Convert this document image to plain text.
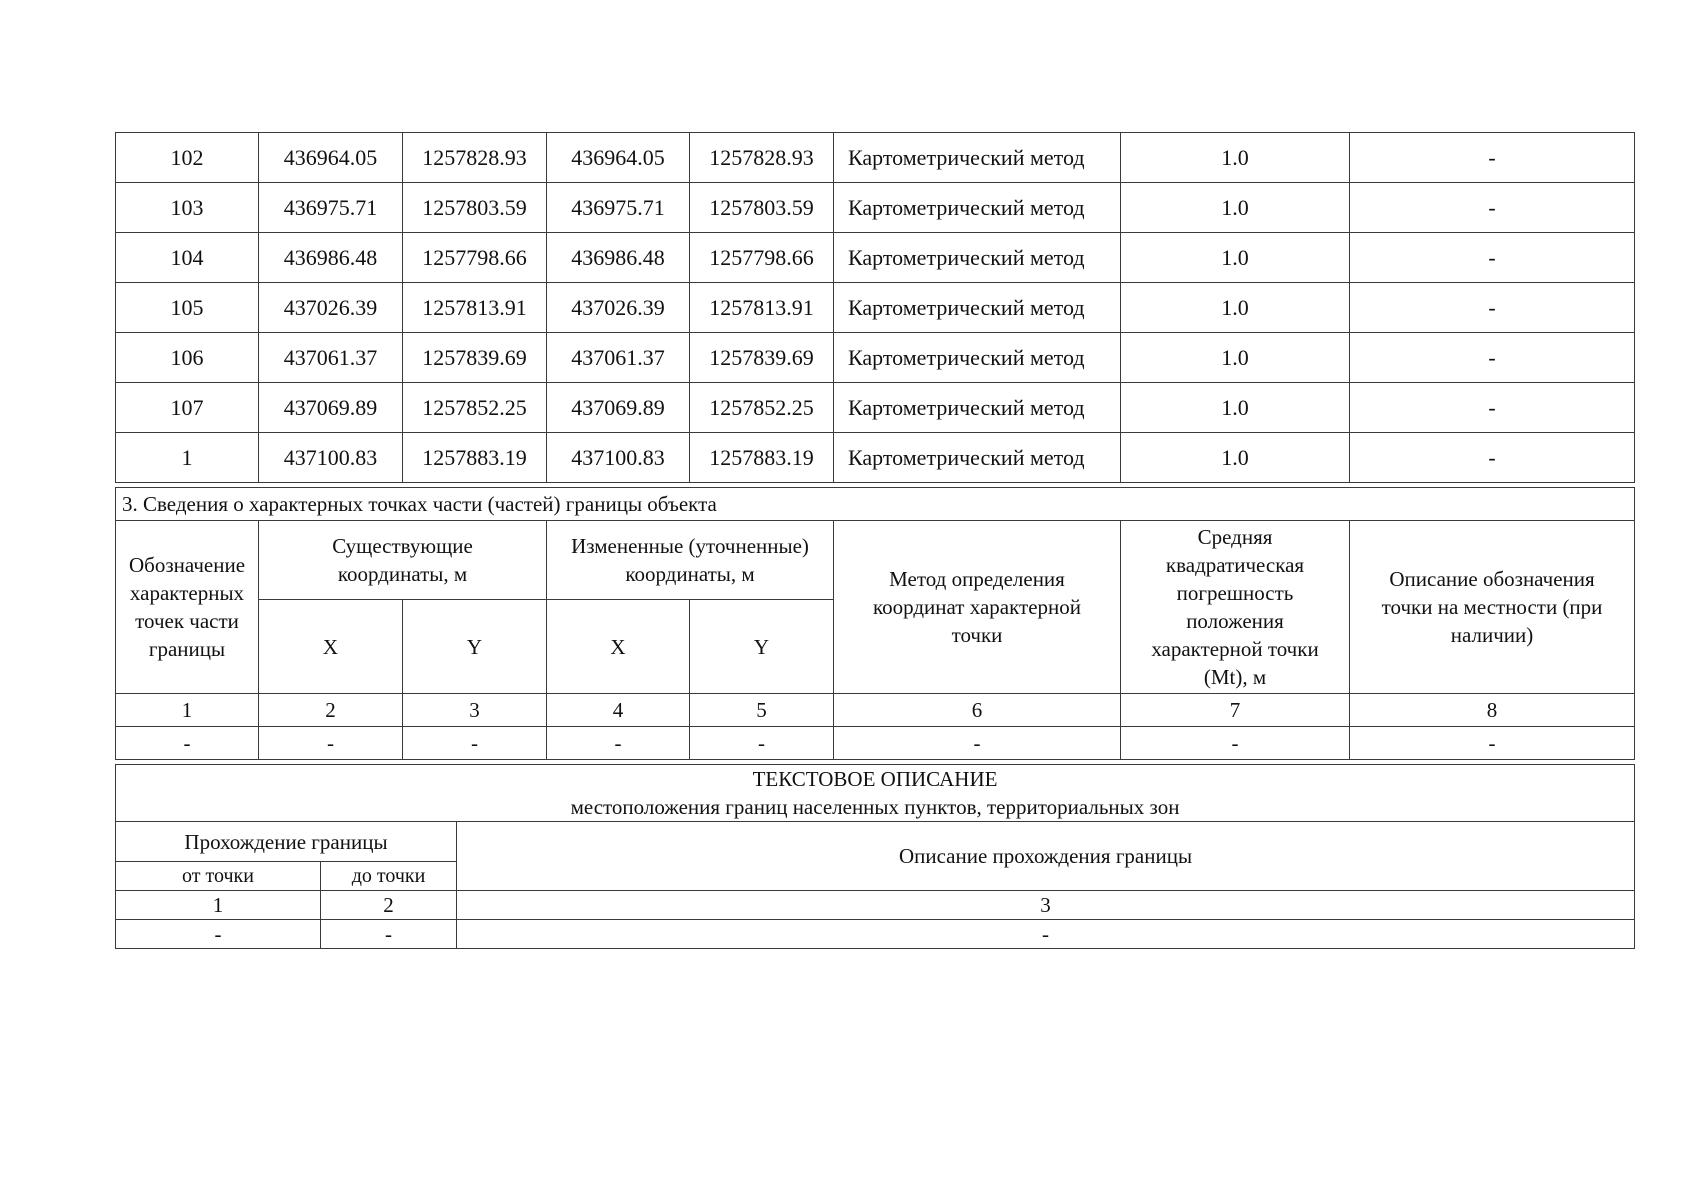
102	436964.05	1257828.93	436964.05	1257828.93	Картометрический метод	1.0	-
103	436975.71	1257803.59	436975.71	1257803.59	Картометрический метод	1.0	-
104	436986.48	1257798.66	436986.48	1257798.66	Картометрический метод	1.0	-
105	437026.39	1257813.91	437026.39	1257813.91	Картометрический метод	1.0	-
106	437061.37	1257839.69	437061.37	1257839.69	Картометрический метод	1.0	-
107	437069.89	1257852.25	437069.89	1257852.25	Картометрический метод	1.0	-
1	437100.83	1257883.19	437100.83	1257883.19	Картометрический метод	1.0	-
3. Сведения о характерных точках части (частей) границы объекта							
Обозначение характерных точек части границы	Существующие координаты, м		Измененные (уточненные) координаты, м		Метод определения координат характерной точки	Средняя квадратическая погрешность положения характерной точки (Mt), м	Описание обозначения точки на местности (при наличии)
	X	Y	X	Y			
1	2	3	4	5	6	7	8
-	-	-	-	-	-	-	-
ТЕКСТОВОЕ ОПИСАНИЕ
местоположения границ населенных пунктов, территориальных зон		

Прохождение границы		Описание прохождения границы
от точки	до точки	
1	2	3
-	-	-
